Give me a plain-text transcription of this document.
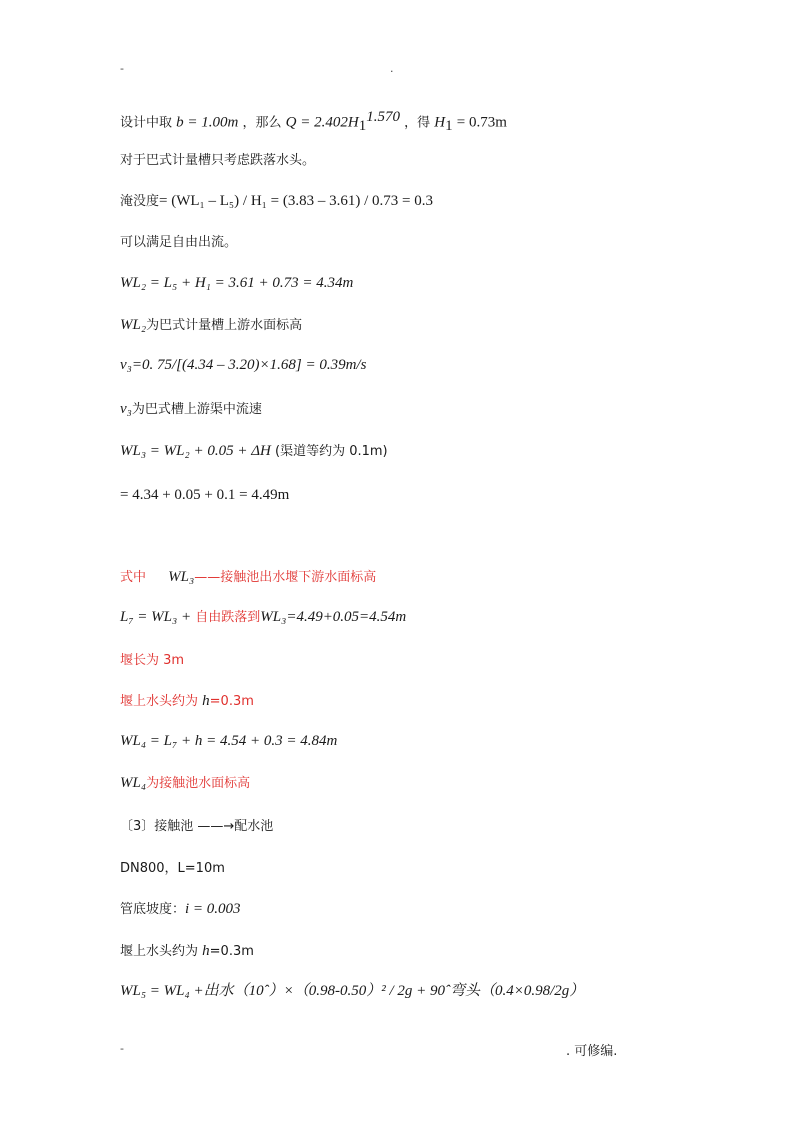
-	.
设计中取 b = 1.00m ，那么 $Q = 2.402H_1^{1.570}$ ，得 $H_1 = 0.73m$
对于巴式计量槽只考虑跌落水头。
淹没度= (WL₁ – L₅) / H₁ = (3.83 – 3.61) / 0.73 = 0.3
可以满足自由出流。
WL₂ = L₅ + H₁ = 3.61 + 0.73 = 4.34m
WL₂为巴式计量槽上游水面标高
v₃=0. 75/[(4.34 – 3.20)×1.68] = 0.39m/s
v₃为巴式槽上游渠中流速
WL₃ = WL₂ + 0.05 + ΔH (渠道等约为 0.1m)
= 4.34 + 0.05 + 0.1 = 4.49m
式中 WL₃——接触池出水堰下游水面标高
L₇ = WL₃ + 自由跌落到WL₃=4.49+0.05=4.54m
堰长为 3m
堰上水头约为 h=0.3m
WL₄ = L₇ + h = 4.54 + 0.3 = 4.84m
WL₄为接触池水面标高
〔3〕接触池 ——→配水池
DN800，L=10m
管底坡度：i = 0.003
堰上水头约为 h=0.3m
WL₅ = WL₄ +出水（10ˆ）×（0.98-0.50）² / 2g + 90ˆ弯头（0.4×0.98/2g）
-	. 可修编.
